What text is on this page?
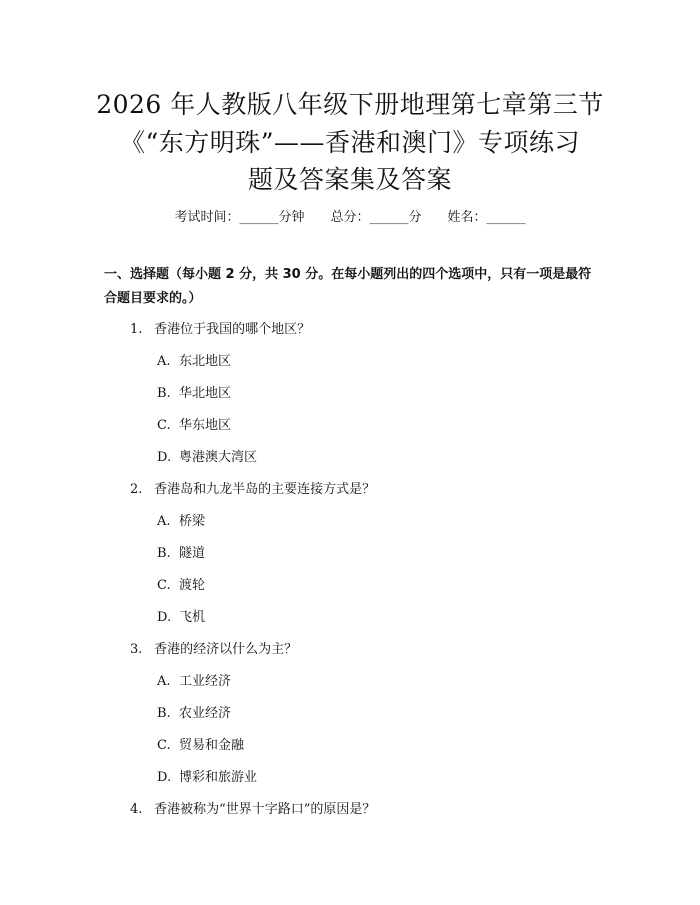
2026 年人教版八年级下册地理第七章第三节
《“东方明珠”——香港和澳门》专项练习
题及答案集及答案
考试时间：______分钟 总分：______分 姓名：______
一、选择题（每小题 2 分，共 30 分。在每小题列出的四个选项中，只有一项是最符合题目要求的。）
1. 香港位于我国的哪个地区？
A. 东北地区
B. 华北地区
C. 华东地区
D. 粤港澳大湾区
2. 香港岛和九龙半岛的主要连接方式是？
A. 桥梁
B. 隧道
C. 渡轮
D. 飞机
3. 香港的经济以什么为主？
A. 工业经济
B. 农业经济
C. 贸易和金融
D. 博彩和旅游业
4. 香港被称为“世界十字路口”的原因是？
